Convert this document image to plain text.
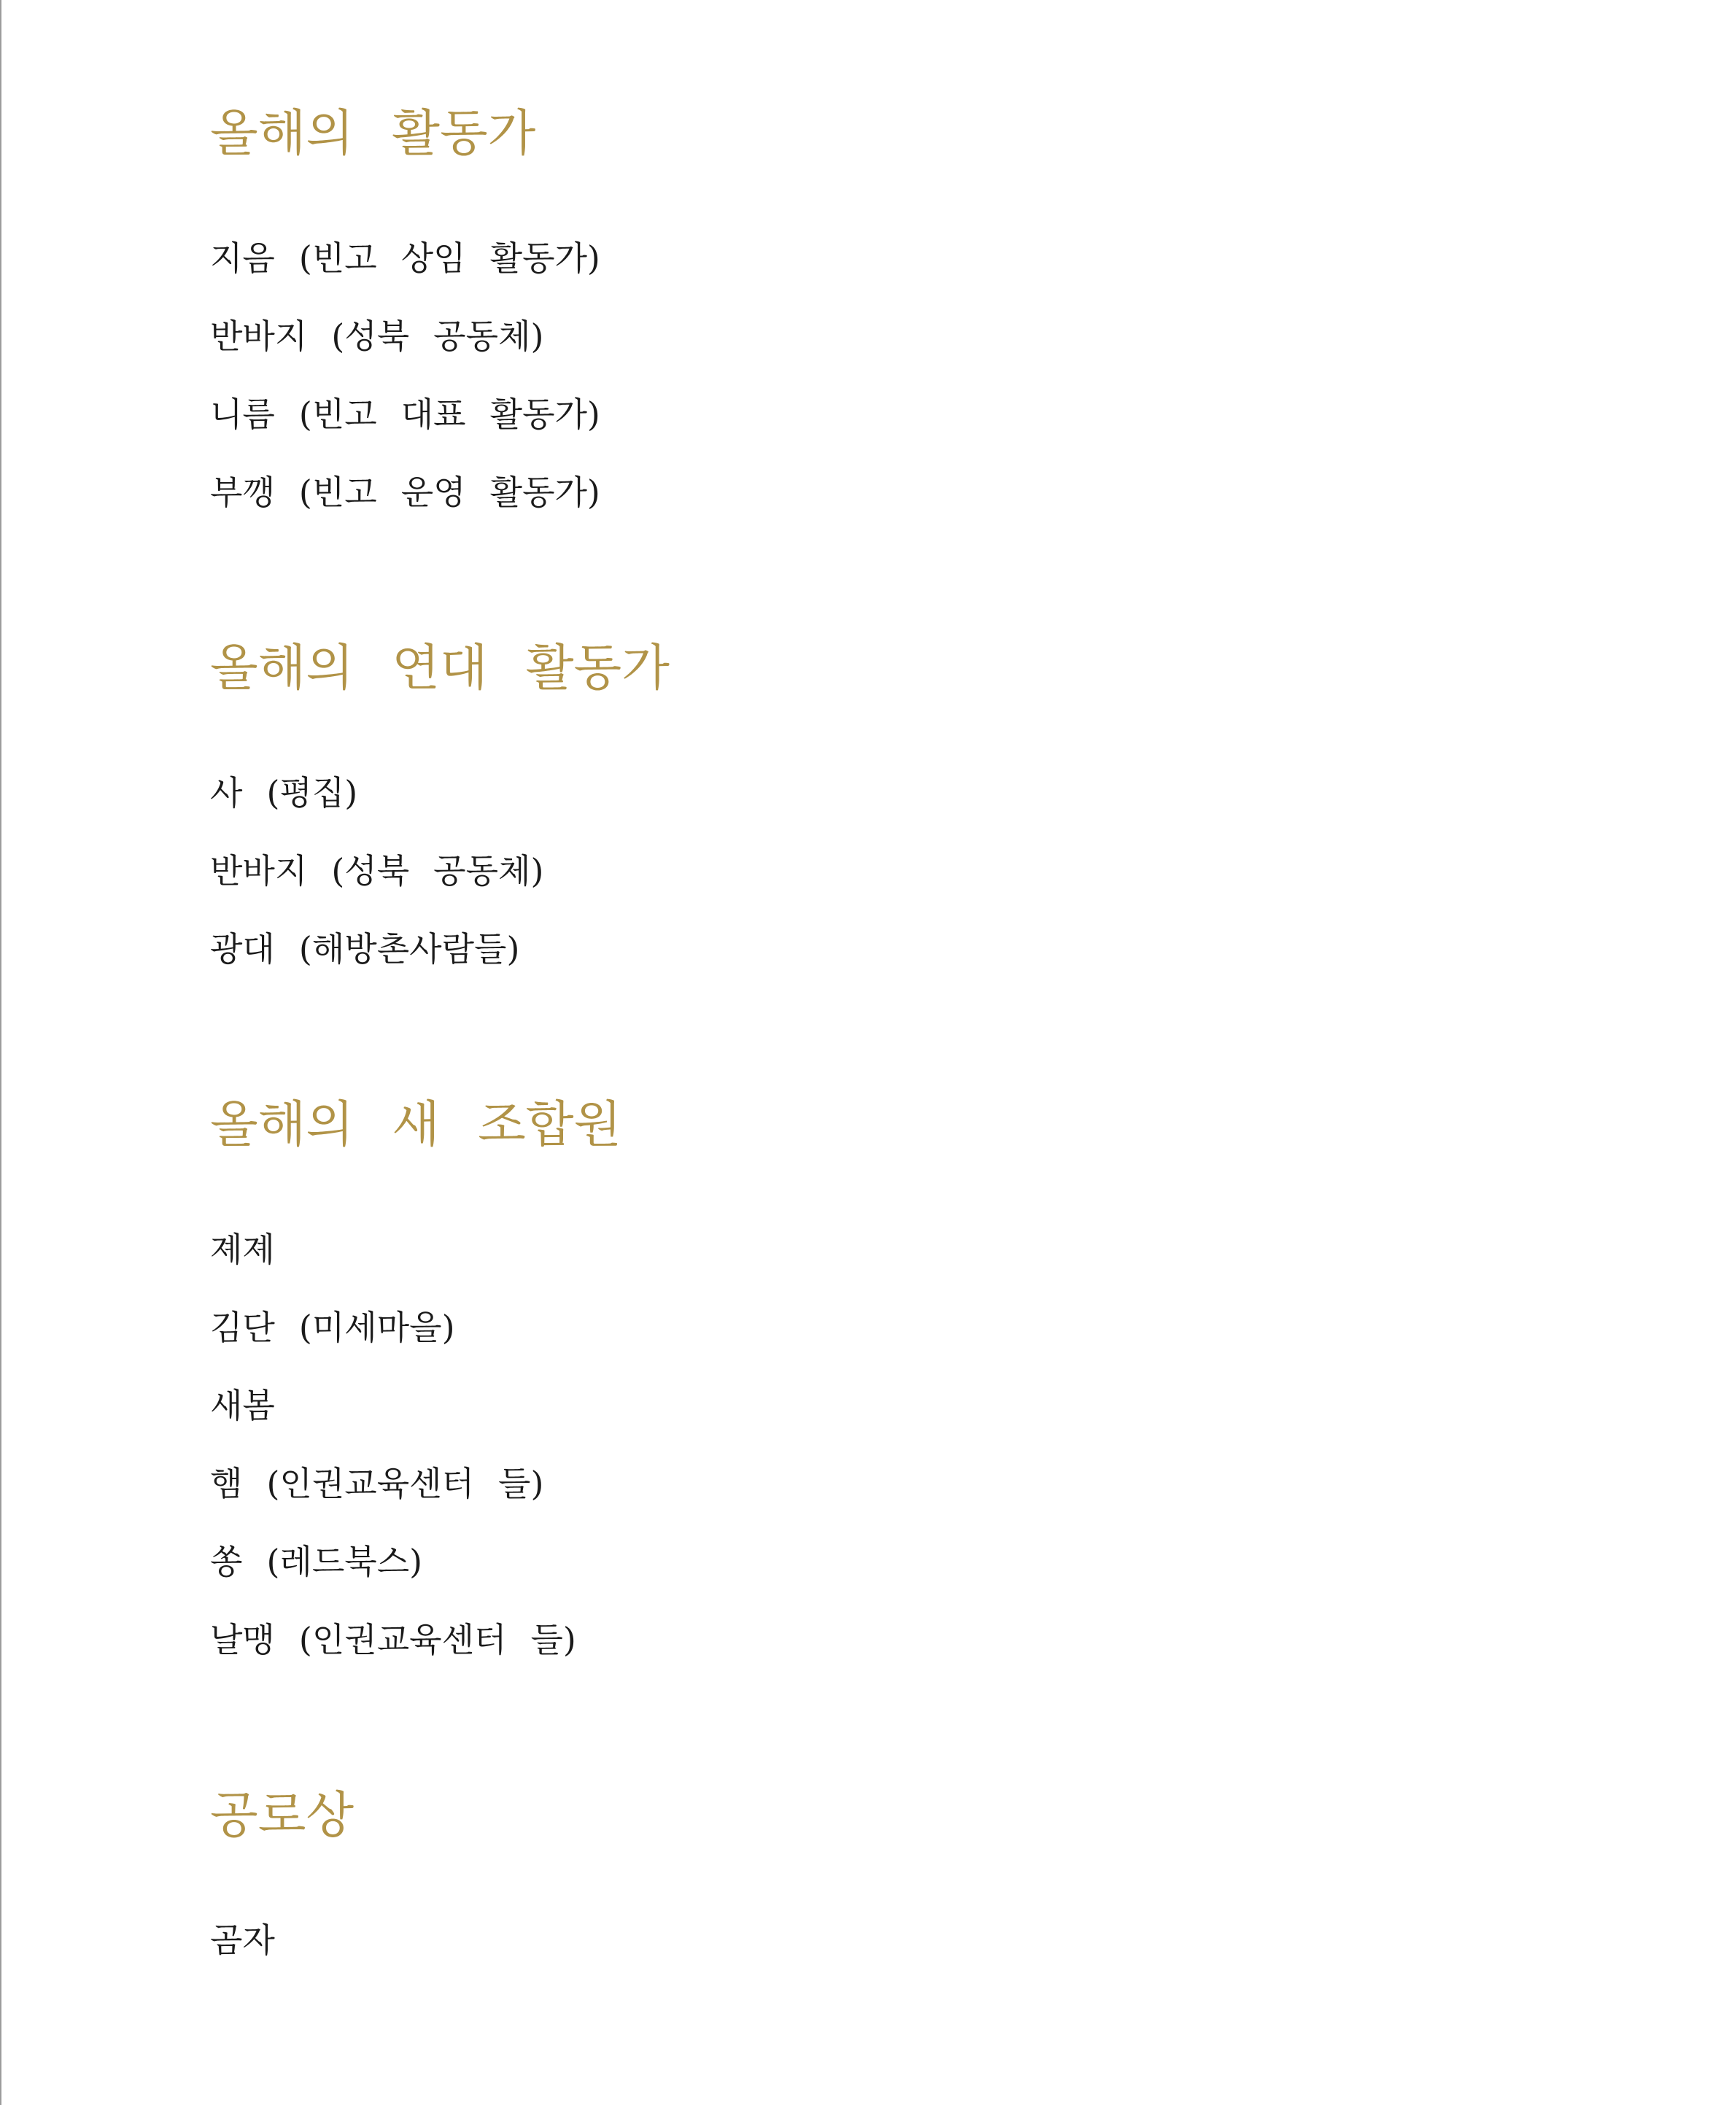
올해의 활동가

지음 (빈고 상임 활동가)

반바지 (성북 공동체)

니름 (빈고 대표 활동가)

부깽 (빈고 운영 활동가)

올해의 연대 활동가

사 (평집)

반바지 (성북 공동체)

광대 (해방촌사람들)

올해의 새 조합원

졔졔

김단 (미세마을)

새봄

햄 (인권교육센터 들)

쏭 (레드북스)

날맹 (인권교육센터 들)

공로상

곰자
